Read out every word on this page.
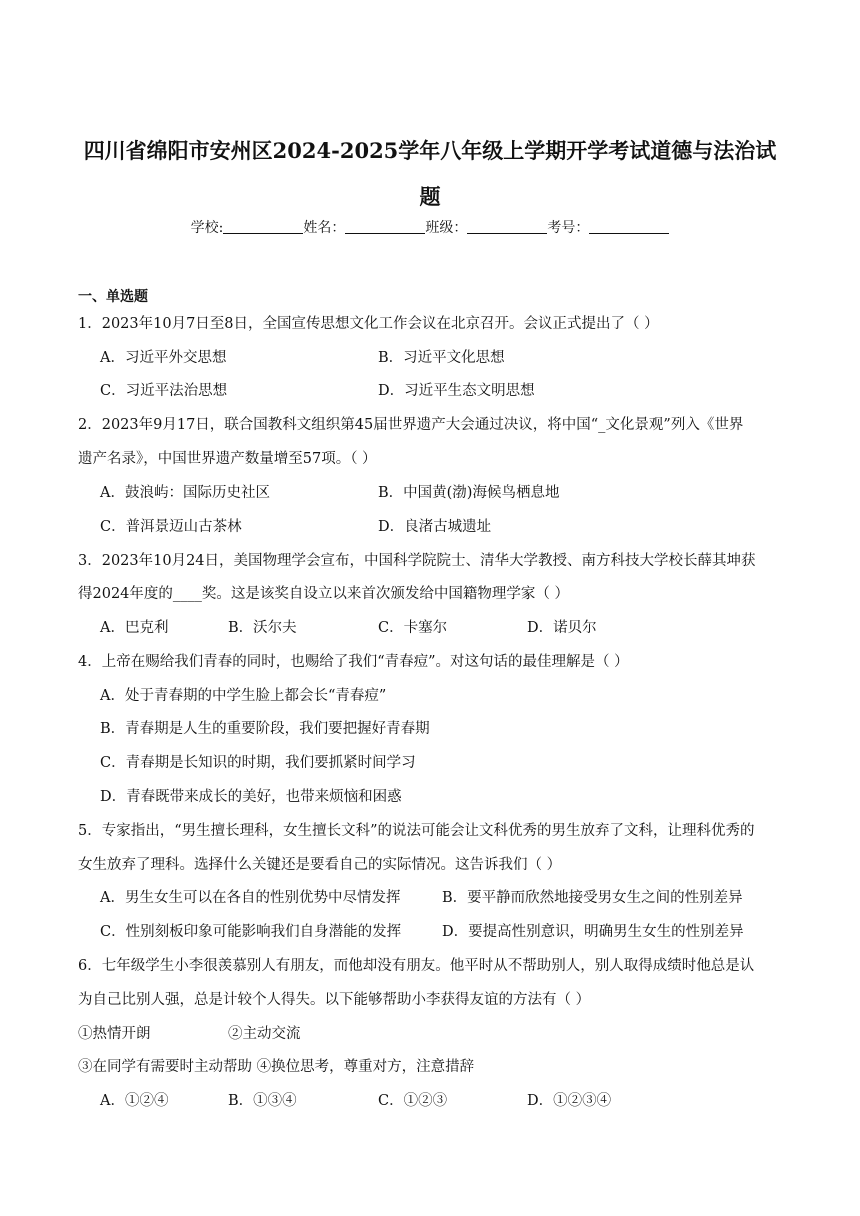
四川省绵阳市安州区2024-2025学年八年级上学期开学考试道德与法治试
题
学校:	姓名：	班级：	考号：
一、单选题
1．2023年10月7日至8日，全国宣传思想文化工作会议在北京召开。会议正式提出了（ ）
A．习近平外交思想	B．习近平文化思想
C．习近平法治思想	D．习近平生态文明思想
2．2023年9月17日，联合国教科文组织第45届世界遗产大会通过决议，将中国“_文化景观”列入《世界
遗产名录》，中国世界遗产数量增至57项。（ ）
A．鼓浪屿：国际历史社区	B．中国黄(渤)海候鸟栖息地
C．普洱景迈山古茶林	D．良渚古城遗址
3．2023年10月24日，美国物理学会宣布，中国科学院院士、清华大学教授、南方科技大学校长薛其坤获
得2024年度的____奖。这是该奖自设立以来首次颁发给中国籍物理学家（ ）
A．巴克利	B．沃尔夫	C．卡塞尔	D．诺贝尔
4．上帝在赐给我们青春的同时，也赐给了我们“青春痘”。对这句话的最佳理解是（ ）
A．处于青春期的中学生脸上都会长“青春痘”
B．青春期是人生的重要阶段，我们要把握好青春期
C．青春期是长知识的时期，我们要抓紧时间学习
D．青春既带来成长的美好，也带来烦恼和困惑
5．专家指出，“男生擅长理科，女生擅长文科”的说法可能会让文科优秀的男生放弃了文科，让理科优秀的
女生放弃了理科。选择什么关键还是要看自己的实际情况。这告诉我们（ ）
A．男生女生可以在各自的性别优势中尽情发挥	B．要平静而欣然地接受男女生之间的性别差异
C．性别刻板印象可能影响我们自身潜能的发挥	D．要提高性别意识，明确男生女生的性别差异
6．七年级学生小李很羡慕别人有朋友，而他却没有朋友。他平时从不帮助别人，别人取得成绩时他总是认
为自己比别人强，总是计较个人得失。以下能够帮助小李获得友谊的方法有（ ）
①热情开朗	②主动交流
③在同学有需要时主动帮助 ④换位思考，尊重对方，注意措辞
A．①②④	B．①③④	C．①②③	D．①②③④
